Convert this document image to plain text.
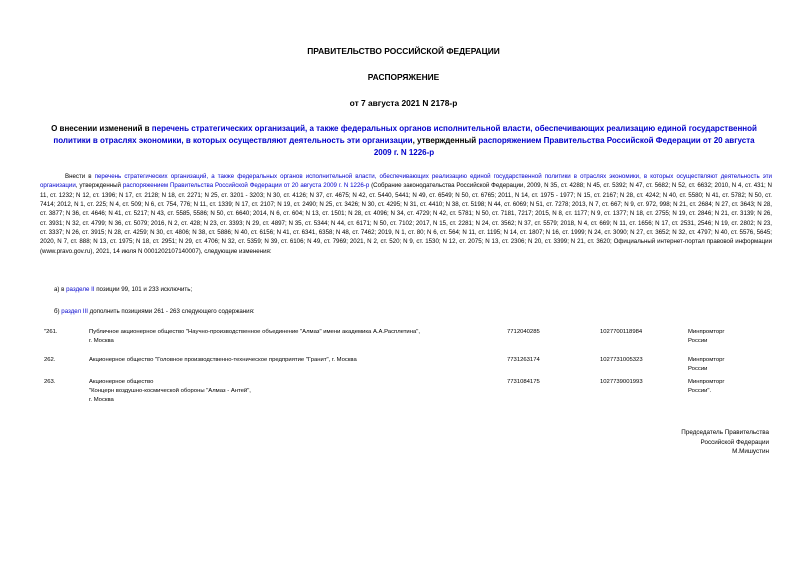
ПРАВИТЕЛЬСТВО РОССИЙСКОЙ ФЕДЕРАЦИИ
РАСПОРЯЖЕНИЕ
от 7 августа 2021 N 2178-р
О внесении изменений в перечень стратегических организаций, а также федеральных органов исполнительной власти, обеспечивающих реализацию единой государственной политики в отраслях экономики, в которых осуществляют деятельность эти организации, утвержденный распоряжением Правительства Российской Федерации от 20 августа 2009 г. N 1226-р
Внести в перечень стратегических организаций, а также федеральных органов исполнительной власти, обеспечивающих реализацию единой государственной политики в отраслях экономики, в которых осуществляют деятельность эти организации, утвержденный распоряжением Правительства Российской Федерации от 20 августа 2009 г. N 1226-р (Собрание законодательства Российской Федерации, 2009, N 35, ст. 4288; N 45, ст. 5392; N 47, ст. 5682; N 52, ст. 6632; 2010, N 4, ст. 431; N 11, ст. 1232; N 12, ст. 1396; N 17, ст. 2128; N 18, ст. 2271; N 25, ст. 3201 - 3203; N 30, ст. 4126; N 37, ст. 4675; N 42, ст. 5440, 5441; N 49, ст. 6549; N 50, ст. 6765; 2011, N 14, ст. 1975 - 1977; N 15, ст. 2167; N 28, ст. 4242; N 40, ст. 5580; N 41, ст. 5782; N 50, ст. 7414; 2012, N 1, ст. 225; N 4, ст. 509; N 6, ст. 754, 776; N 11, ст. 1339; N 17, ст. 2107; N 19, ст. 2490; N 25, ст. 3426; N 30, ст. 4295; N 31, ст. 4410; N 38, ст. 5198; N 44, ст. 6069; N 51, ст. 7278; 2013, N 7, ст. 667; N 9, ст. 972, 998; N 21, ст. 2684; N 27, ст. 3643; N 28, ст. 3877; N 36, ст. 4646; N 41, ст. 5217; N 43, ст. 5585, 5586; N 50, ст. 6640; 2014, N 6, ст. 604; N 13, ст. 1501; N 28, ст. 4096; N 34, ст. 4729; N 42, ст. 5781; N 50, ст. 7181, 7217; 2015, N 8, ст. 1177; N 9, ст. 1377; N 18, ст. 2755; N 19, ст. 2846; N 21, ст. 3139; N 26, ст. 3931; N 32, ст. 4799; N 36, ст. 5079; 2016, N 2, ст. 428; N 23, ст. 3393; N 29, ст. 4897; N 35, ст. 5344; N 44, ст. 6171; N 50, ст. 7102; 2017, N 15, ст. 2281; N 24, ст. 3562; N 37, ст. 5579; 2018, N 4, ст. 669; N 11, ст. 1656; N 17, ст. 2531, 2546; N 19, ст. 2802; N 23, ст. 3337; N 26, ст. 3915; N 28, ст. 4259; N 30, ст. 4806; N 38, ст. 5886; N 40, ст. 6156; N 41, ст. 6341, 6358; N 48, ст. 7462; 2019, N 1, ст. 80; N 6, ст. 564; N 11, ст. 1195; N 14, ст. 1807; N 16, ст. 1999; N 24, ст. 3090; N 27, ст. 3652; N 32, ст. 4797; N 40, ст. 5576, 5645; 2020, N 7, ст. 888; N 13, ст. 1975; N 18, ст. 2951; N 29, ст. 4706; N 32, ст. 5359; N 39, ст. 6106; N 49, ст. 7969; 2021, N 2, ст. 520; N 9, ст. 1530; N 12, ст. 2075; N 13, ст. 2306; N 20, ст. 3399; N 21, ст. 3620; Официальный интернет-портал правовой информации (www.pravo.gov.ru), 2021, 14 июля N 0001202107140007), следующие изменения:
а) в разделе II позиции 99, 101 и 233 исключить;
б) раздел III дополнить позициями 261 - 263 следующего содержания:
"261.	Публичное акционерное общество "Научно-производственное объединение "Алмаз" имени академика А.А.Расплетина",
г. Москва
7712040285	1027700118984	Минпромторг
России
262.	Акционерное общество "Головное производственно-техническое предприятие "Гранит", г. Москва	7731263174	1027731005323	Минпромторг
России
263.	Акционерное общество
"Концерн воздушно-космической обороны "Алмаз - Антей",
г. Москва
7731084175	1027739001993	Минпромторг
России".
Председатель Правительства
Российской Федерации
М.Мишустин
